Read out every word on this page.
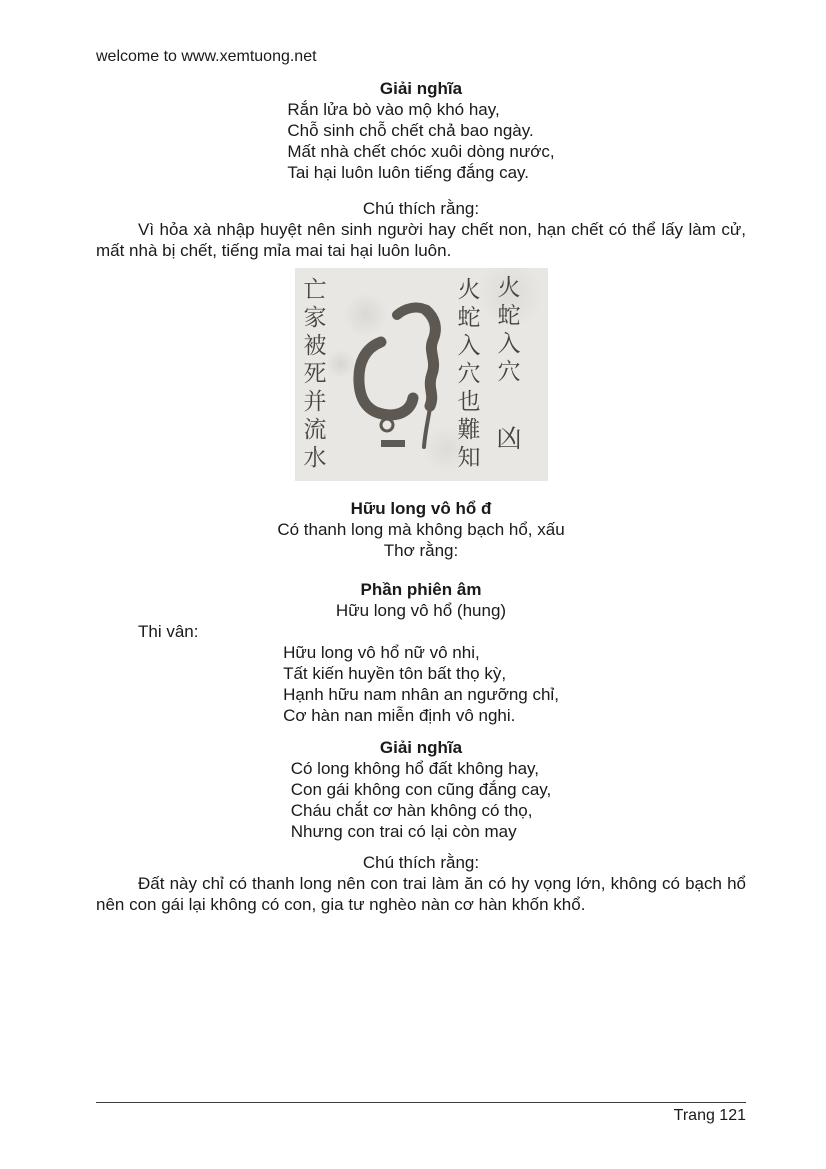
welcome to www.xemtuong.net
Giải nghĩa
Rắn lửa bò vào mộ khó hay,
Chỗ sinh chỗ chết chả bao ngày.
Mất nhà chết chóc xuôi dòng nước,
Tai hại luôn luôn tiếng đắng cay.
Chú thích rằng:

Vì hỏa xà nhập huyệt nên sinh người hay chết non, hạn chết có thể lấy làm cử, mất nhà bị chết, tiếng mỉa mai tai hại luôn luôn.

亡家被死并流水	火蛇入穴也難知 火蛇入穴
凶
Hữu long vô hổ đ
Có thanh long mà không bạch hổ, xấu
Thơ rằng:
Phần phiên âm
Hữu long vô hổ (hung)
Thi vân:
Hữu long vô hổ nữ vô nhi,
Tất kiến huyền tôn bất thọ kỳ,
Hạnh hữu nam nhân an ngưỡng chỉ,
Cơ hàn nan miễn định vô nghi.
Giải nghĩa
Có long không hổ đất không hay,
Con gái không con cũng đắng cay,
Cháu chắt cơ hàn không có thọ,
Nhưng con trai có lại còn may
Chú thích rằng:

Đất này chỉ có thanh long nên con trai làm ăn có hy vọng lớn, không có bạch hổ nên con gái lại không có con, gia tư nghèo nàn cơ hàn khốn khổ.

Trang 121
